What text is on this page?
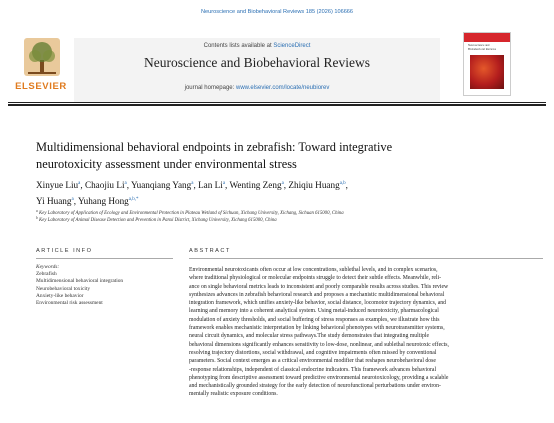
Neuroscience and Biobehavioral Reviews 185 (2026) 106666
ELSEVIER
Contents lists available at ScienceDirect
Neuroscience and Biobehavioral Reviews
journal homepage: www.elsevier.com/locate/neubiorev
Neuroscience and Biobehavioral Reviews
Multidimensional behavioral endpoints in zebrafish: Toward integrative
neurotoxicity assessment under environmental stress
Xinyue Liu$^a$, Chaojiu Li$^a$, Yuanqiang Yang$^a$, Lan Li$^a$, Wenting Zeng$^a$, Zhiqiu Huang$^{a,b}$,
Yi Huang$^a$, Yuhang Hong$^{a,b,*}$
$^a$ Key Laboratory of Application of Ecology and Environmental Protection in Plateau Wetland of Sichuan, Xichang University, Xichang, Sichuan 615000, China
$^b$ Key Laboratory of Animal Disease Detection and Prevention in Panxi District, Xichang University, Xichang 615000, China
ARTICLE INFO	ABSTRACT
Keywords:
Zebrafish
Multidimensional behavioral integration
Neurobehavioral toxicity
Anxiety-like behavior
Environmental risk assessment
Environmental neurotoxicants often occur at low concentrations, sublethal levels, and in complex scenarios,
where traditional physiological or molecular endpoints struggle to detect their subtle effects. Meanwhile, reli-
ance on single behavioral metrics leads to inconsistent and poorly comparable results across studies. This review
synthesizes advances in zebrafish behavioral research and proposes a mechanistic multidimensional behavioral
integration framework, which unifies anxiety-like behavior, social distance, locomotor trajectory dynamics, and
learning and memory into a coherent analytical system. Using metal-induced neurotoxicity, pharmacological
modulation of anxiety thresholds, and social buffering of stress responses as examples, we illustrate how this
framework enables mechanistic interpretation by linking behavioral phenotypes with neurotransmitter systems,
neural circuit dynamics, and molecular stress pathways.The study demonstrates that integrating multiple
behavioral dimensions significantly enhances sensitivity to low-dose, nonlinear, and sublethal neurotoxic effects,
resolving trajectory distortions, social withdrawal, and cognitive impairments often missed by conventional
parameters. Social context emerges as a critical environmental modifier that reshapes neurobehavioral dose
-response relationships, independent of classical endocrine indicators. This framework advances behavioral
phenotyping from descriptive assessment toward predictive environmental neurotoxicology, providing a scalable
and mechanistically grounded strategy for the early detection of neurofunctional perturbations under environ-
mentally realistic exposure conditions.
